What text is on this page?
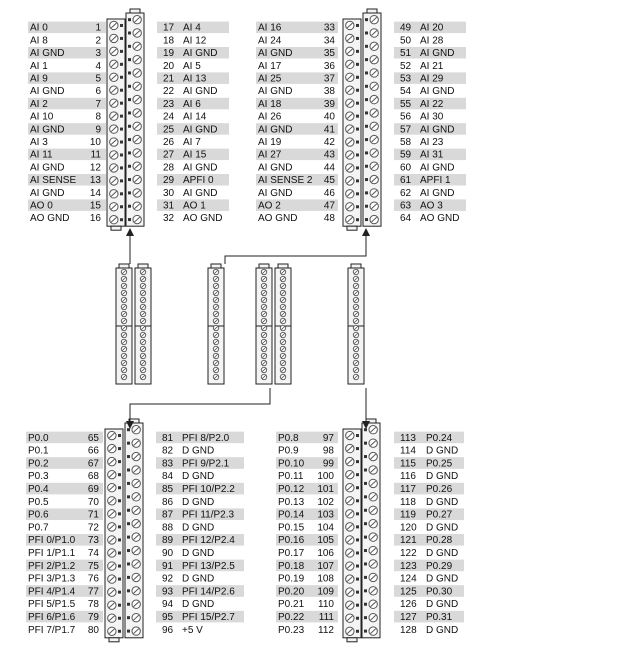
AI 0	1
AI 8	2
AI GND	3
AI 1	4
AI 9	5
AI GND	6
AI 2	7
AI 10	8
AI GND	9
AI 3	10
AI 11	11
AI GND	12
AI SENSE 13
AI GND	14
AO 0	15
AO GND 16
17 AI 4
18 AI 12
19 AI GND
20 AI 5
21 AI 13
22 AI GND
23 AI 6
24 AI 14
25 AI GND
26 AI 7
27 AI 15
28 AI GND
29 APFI 0
30 AI GND
31 AO 1
32 AO GND
AI 16	33
AI 24	34
AI GND	35
AI 17	36
AI 25	37
AI GND	38
AI 18	39
AI 26	40
AI GND	41
AI 19	42
AI 27	43
AI GND	44
AI SENSE 2 45
AI GND	46
AO 2	47
AO GND	48
49 AI 20
50 AI 28
51 AI GND
52 AI 21
53 AI 29
54 AI GND
55 AI 22
56 AI 30
57 AI GND
58 AI 23
59 AI 31
60 AI GND
61 APFI 1
62 AI GND
63 AO 3
64 AO GND
P0.0	65
P0.1	66
P0.2	67
P0.3	68
P0.4	69
P0.5	70
P0.6	71
P0.7	72
PFI 0/P1.0 73
PFI 1/P1.1 74
PFI 2/P1.2 75
PFI 3/P1.3 76
PFI 4/P1.4 77
PFI 5/P1.5 78
PFI 6/P1.6 79
PFI 7/P1.7 80
81 PFI 8/P2.0
82 D GND
83 PFI 9/P2.1
84 D GND
85 PFI 10/P2.2
86 D GND
87 PFI 11/P2.3
88 D GND
89 PFI 12/P2.4
90 D GND
91 PFI 13/P2.5
92 D GND
93 PFI 14/P2.6
94 D GND
95 PFI 15/P2.7
96 +5 V
P0.8 97
P0.9 98
P0.10 99
P0.11 100
P0.12 101
P0.13 102
P0.14 103
P0.15 104
P0.16 105
P0.17 106
P0.18 107
P0.19 108
P0.20 109
P0.21 110
P0.22 111
P0.23 112
113 P0.24
114 D GND
115 P0.25
116 D GND
117 P0.26
118 D GND
119 P0.27
120 D GND
121 P0.28
122 D GND
123 P0.29
124 D GND
125 P0.30
126 D GND
127 P0.31
128 D GND
